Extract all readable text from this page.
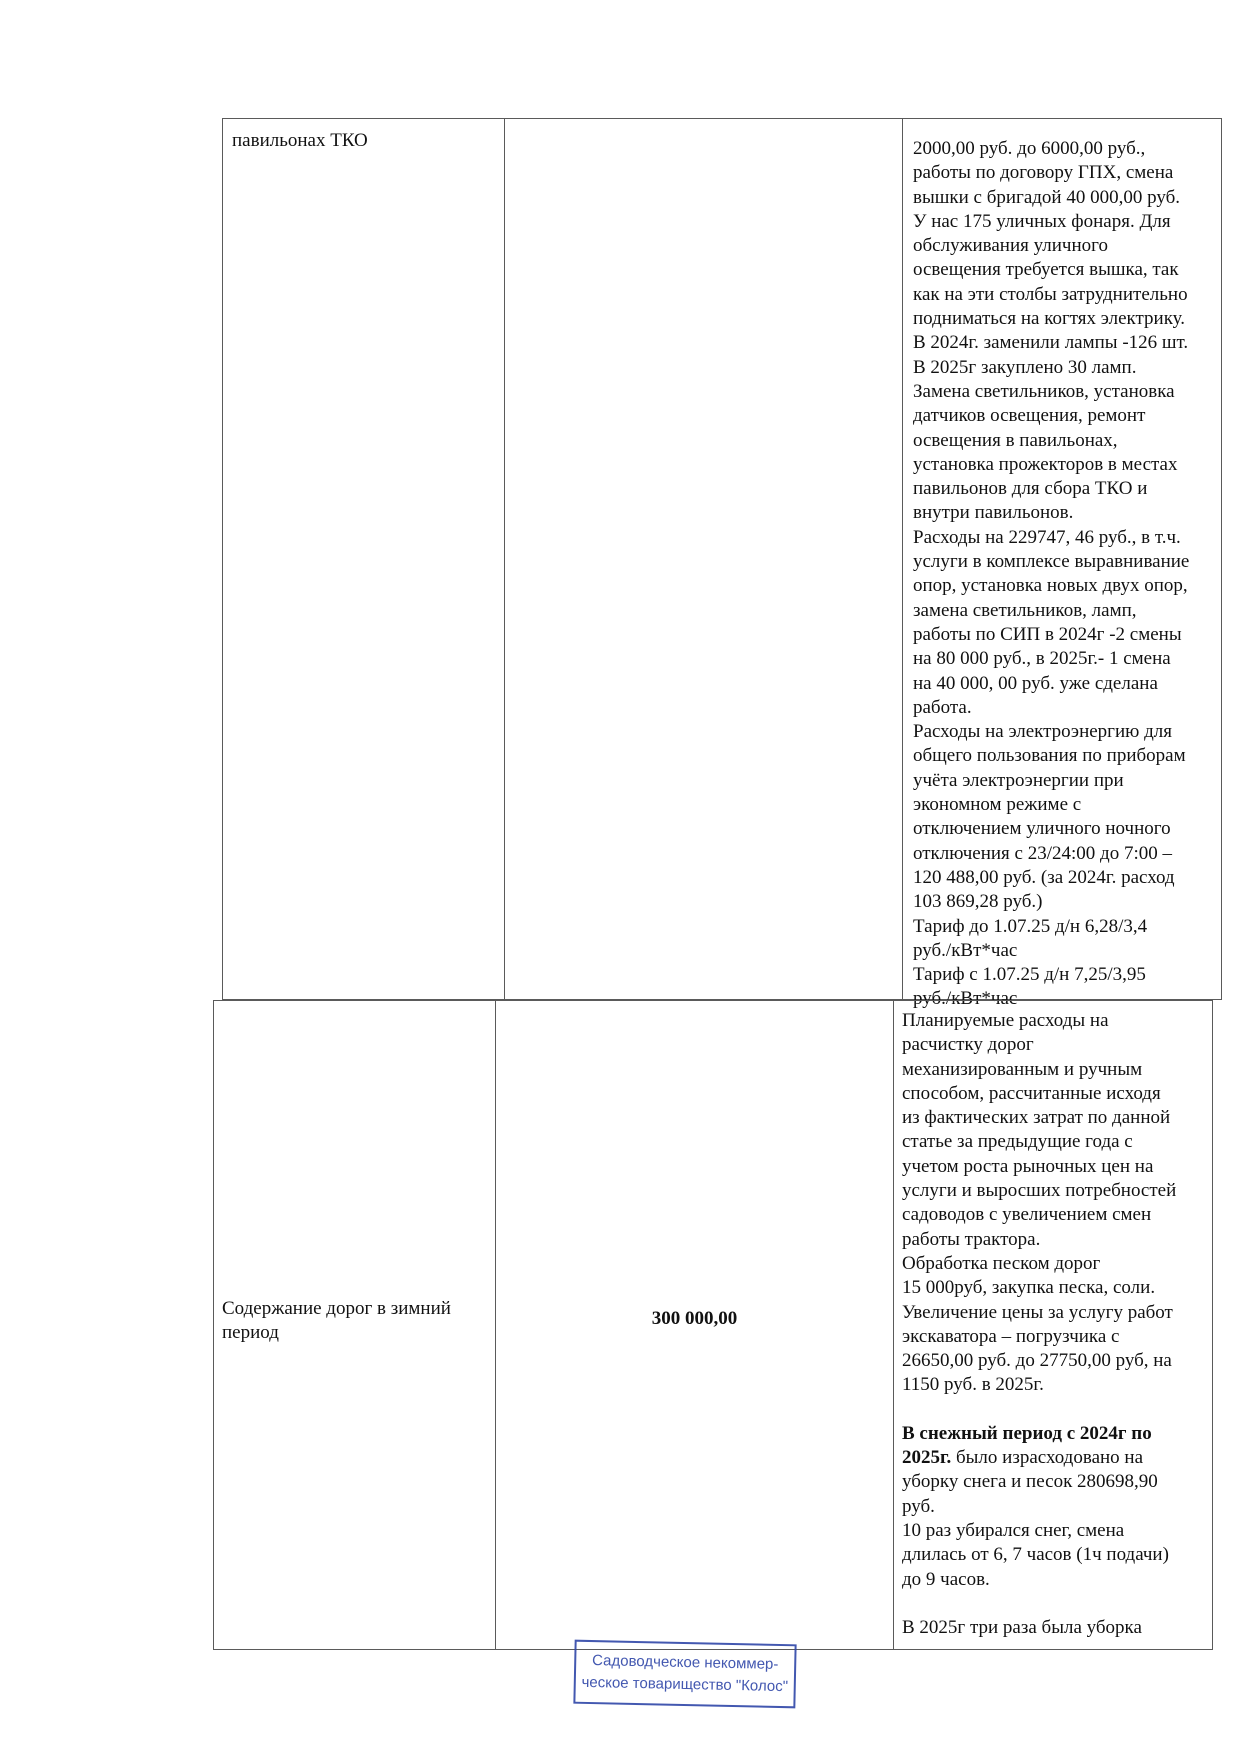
павильонах ТКО	2000,00 руб. до 6000,00 руб.,
работы по договору ГПХ, смена
вышки с бригадой 40 000,00 руб.
У нас 175 уличных фонаря. Для
обслуживания уличного
освещения требуется вышка, так
как на эти столбы затруднительно
подниматься на когтях электрику.
В 2024г. заменили лампы -126 шт.
В 2025г закуплено 30 ламп.
Замена светильников, установка
датчиков освещения, ремонт
освещения в павильонах,
установка прожекторов в местах
павильонов для сбора ТКО и
внутри павильонов.
Расходы на 229747, 46 руб., в т.ч.
услуги в комплексе выравнивание
опор, установка новых двух опор,
замена светильников, ламп,
работы по СИП в 2024г -2 смены
на 80 000 руб., в 2025г.- 1 смена
на 40 000, 00 руб. уже сделана
работа.
Расходы на электроэнергию для
общего пользования по приборам
учёта электроэнергии при
экономном режиме с
отключением уличного ночного
отключения с 23/24:00 до 7:00 –
120 488,00 руб. (за 2024г. расход
103 869,28 руб.)
Тариф до 1.07.25 д/н 6,28/3,4
руб./кВт*час
Тариф с 1.07.25 д/н 7,25/3,95
руб./кВт*час
Содержание дорог в зимний период
300 000,00
Планируемые расходы на
расчистку дорог
механизированным и ручным
способом, рассчитанные исходя
из фактических затрат по данной
статье за предыдущие года с
учетом роста рыночных цен на
услуги и выросших потребностей
садоводов с увеличением смен
работы трактора.
Обработка песком дорог
15 000руб, закупка песка, соли.
Увеличение цены за услугу работ
экскаватора – погрузчика с
26650,00 руб. до 27750,00 руб, на
1150 руб. в 2025г.
В снежный период с 2024г по
2025г. было израсходовано на
уборку снега и песок 280698,90
руб.
10 раз убирался снег, смена
длилась от 6, 7 часов (1ч подачи)
до 9 часов.
В 2025г три раза была уборка
Садоводческое некоммер-
ческое товарищество "Колос"
